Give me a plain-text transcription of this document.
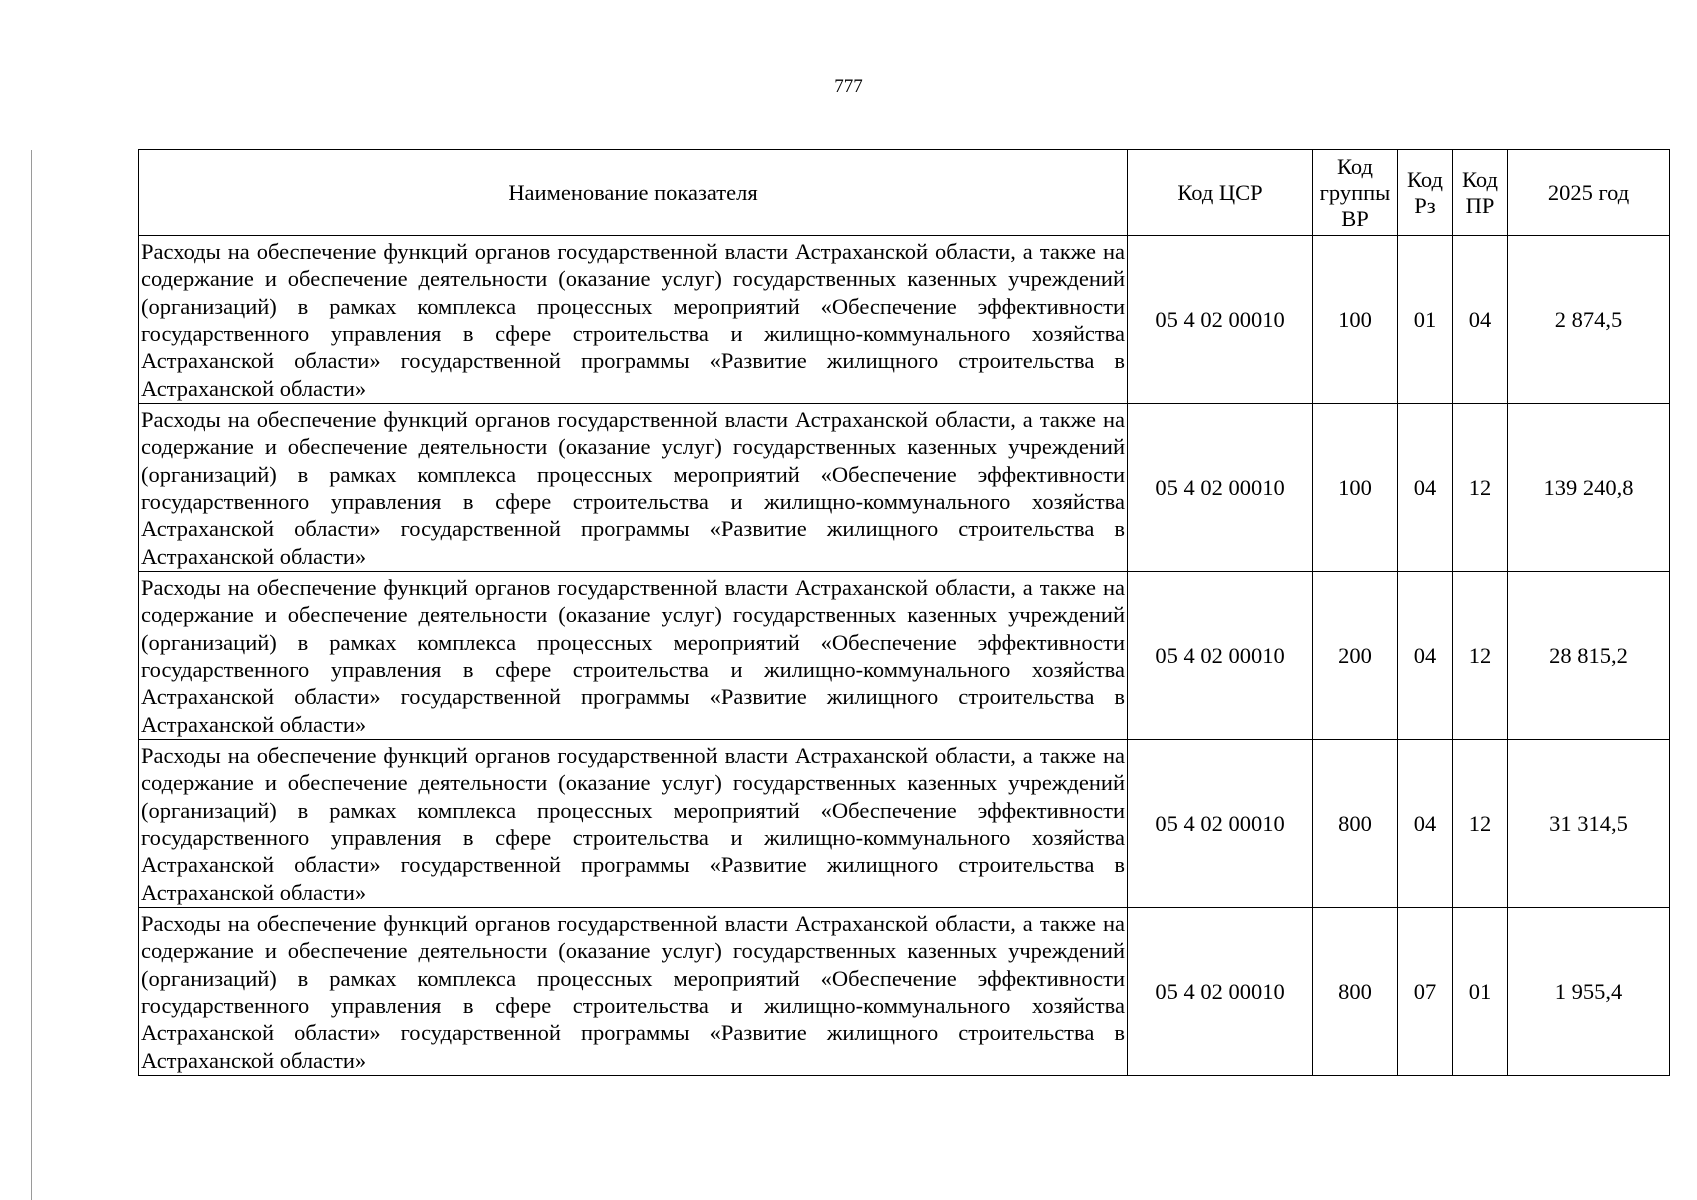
777
Наименование показателя	Код ЦСР	Код группы ВР	Код Рз	Код ПР	2025 год
Расходы на обеспечение функций органов государственной власти Астраханской области, а также на содержание и обеспечение деятельности (оказание услуг) государственных казенных учреждений (организаций) в рамках комплекса процессных мероприятий «Обеспечение эффективности государственного управления в сфере строительства и жилищно-коммунального хозяйства Астраханской области» государственной программы «Развитие жилищного строительства в Астраханской области»	05 4 02 00010	100	01	04	2 874,5
Расходы на обеспечение функций органов государственной власти Астраханской области, а также на содержание и обеспечение деятельности (оказание услуг) государственных казенных учреждений (организаций) в рамках комплекса процессных мероприятий «Обеспечение эффективности государственного управления в сфере строительства и жилищно-коммунального хозяйства Астраханской области» государственной программы «Развитие жилищного строительства в Астраханской области»	05 4 02 00010	100	04	12	139 240,8
Расходы на обеспечение функций органов государственной власти Астраханской области, а также на содержание и обеспечение деятельности (оказание услуг) государственных казенных учреждений (организаций) в рамках комплекса процессных мероприятий «Обеспечение эффективности государственного управления в сфере строительства и жилищно-коммунального хозяйства Астраханской области» государственной программы «Развитие жилищного строительства в Астраханской области»	05 4 02 00010	200	04	12	28 815,2
Расходы на обеспечение функций органов государственной власти Астраханской области, а также на содержание и обеспечение деятельности (оказание услуг) государственных казенных учреждений (организаций) в рамках комплекса процессных мероприятий «Обеспечение эффективности государственного управления в сфере строительства и жилищно-коммунального хозяйства Астраханской области» государственной программы «Развитие жилищного строительства в Астраханской области»	05 4 02 00010	800	04	12	31 314,5
Расходы на обеспечение функций органов государственной власти Астраханской области, а также на содержание и обеспечение деятельности (оказание услуг) государственных казенных учреждений (организаций) в рамках комплекса процессных мероприятий «Обеспечение эффективности государственного управления в сфере строительства и жилищно-коммунального хозяйства Астраханской области» государственной программы «Развитие жилищного строительства в Астраханской области»	05 4 02 00010	800	07	01	1 955,4
